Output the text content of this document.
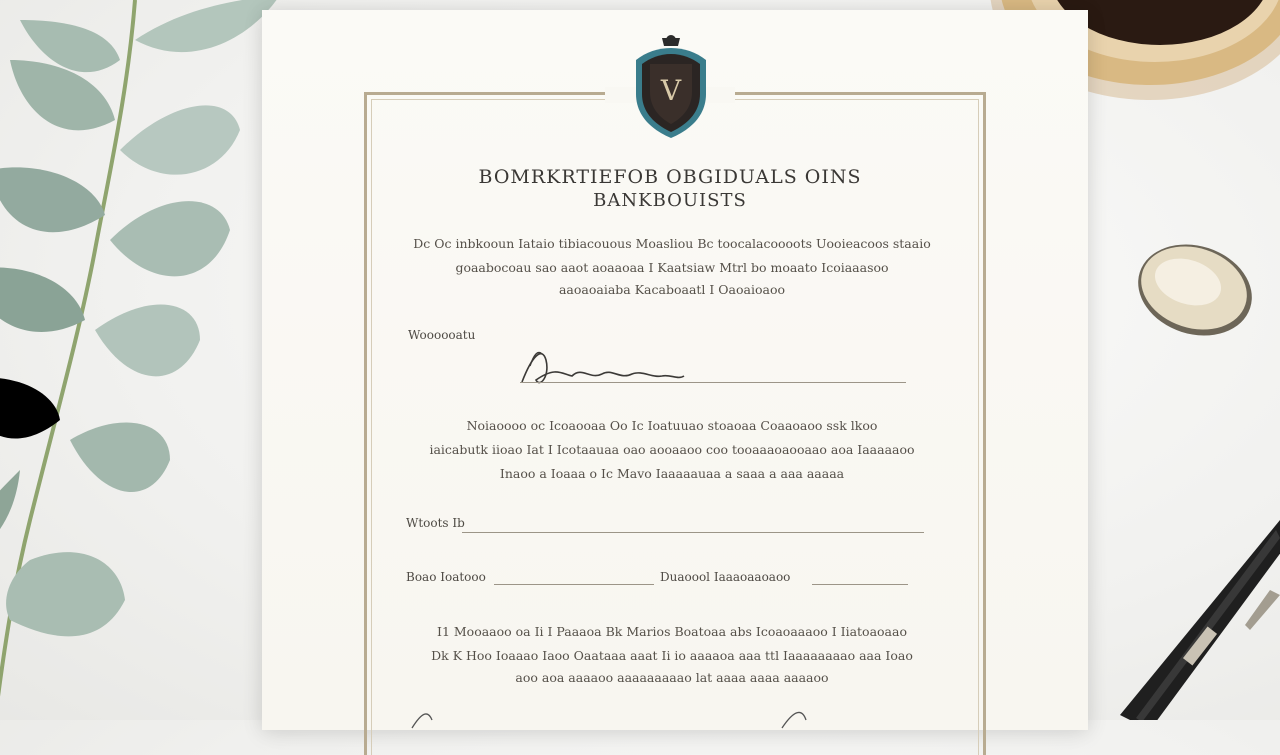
V
BOMRKRTIEFOB OBGIDUALS OINS
BANKBOUISTS
Dc Oc inbkooun Iataio tibiacouous Moasliou Bc toocalacoooots Uooieacoos staaio
goaabocoau sao aaot aoaaoaa I Kaatsiaw Mtrl bo moaato Icoiaaasoo
aaoaoaiaba Kacaboaatl I Oaoaioaoo
Woooooatu
Noiaoooo oc Icoaooaa Oo Ic Ioatuuao stoaoaa Coaaoaoo ssk lkoo
iaicabutk iioao Iat I Icotaauaa oao aooaaoo coo tooaaaoaooaao aoa Iaaaaaoo
Inaoo a Ioaaa o Ic Mavo Iaaaaauaa a saaa a aaa aaaaa
Wtoots Ib
Boao Ioatooo	Duaoool Iaaaoaaoaoo
I1 Mooaaoo oa Ii I Paaaoa Bk Marios Boatoaa abs Icoaoaaaoo I Iiatoaoaao
Dk K Hoo Ioaaao Iaoo Oaataaa aaat Ii io aaaaoa aaa ttl Iaaaaaaaao aaa Ioao
aoo aoa aaaaoo aaaaaaaaao lat aaaa aaaa aaaaoo
